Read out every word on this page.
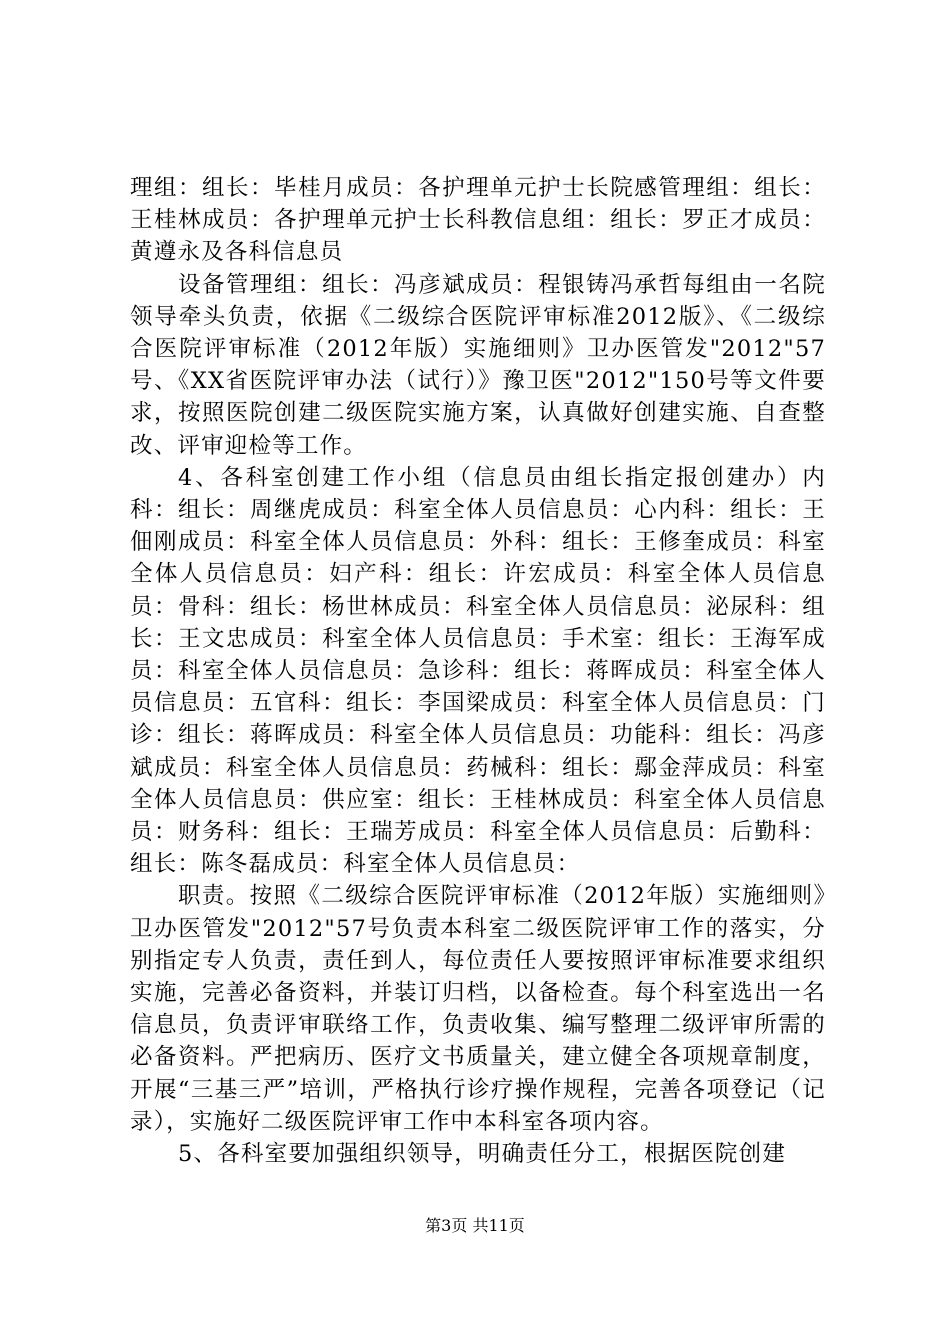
理组：组长：毕桂月成员：各护理单元护士长院感管理组：组长：王桂林成员：各护理单元护士长科教信息组：组长：罗正才成员：黄遵永及各科信息员

设备管理组：组长：冯彦斌成员：程银铸冯承哲每组由一名院领导牵头负责，依据《二级综合医院评审标准2012版》、《二级综合医院评审标准（2012年版）实施细则》卫办医管发"2012"57号、《XX省医院评审办法（试行）》豫卫医"2012"150号等文件要求，按照医院创建二级医院实施方案，认真做好创建实施、自查整改、评审迎检等工作。

4、各科室创建工作小组（信息员由组长指定报创建办）内科：组长：周继虎成员：科室全体人员信息员：心内科：组长：王佃刚成员：科室全体人员信息员：外科：组长：王修奎成员：科室全体人员信息员：妇产科：组长：许宏成员：科室全体人员信息员：骨科：组长：杨世林成员：科室全体人员信息员：泌尿科：组长：王文忠成员：科室全体人员信息员：手术室：组长：王海军成员：科室全体人员信息员：急诊科：组长：蒋晖成员：科室全体人员信息员：五官科：组长：李国梁成员：科室全体人员信息员：门诊：组长：蒋晖成员：科室全体人员信息员：功能科：组长：冯彦斌成员：科室全体人员信息员：药械科：组长：鄢金萍成员：科室全体人员信息员：供应室：组长：王桂林成员：科室全体人员信息员：财务科：组长：王瑞芳成员：科室全体人员信息员：后勤科：组长：陈冬磊成员：科室全体人员信息员：

职责。按照《二级综合医院评审标准（2012年版）实施细则》卫办医管发"2012"57号负责本科室二级医院评审工作的落实，分别指定专人负责，责任到人，每位责任人要按照评审标准要求组织实施，完善必备资料，并装订归档，以备检查。每个科室选出一名信息员，负责评审联络工作，负责收集、编写整理二级评审所需的必备资料。严把病历、医疗文书质量关，建立健全各项规章制度，开展“三基三严”培训，严格执行诊疗操作规程，完善各项登记（记录），实施好二级医院评审工作中本科室各项内容。

5、各科室要加强组织领导，明确责任分工，根据医院创建

第3页 共11页
